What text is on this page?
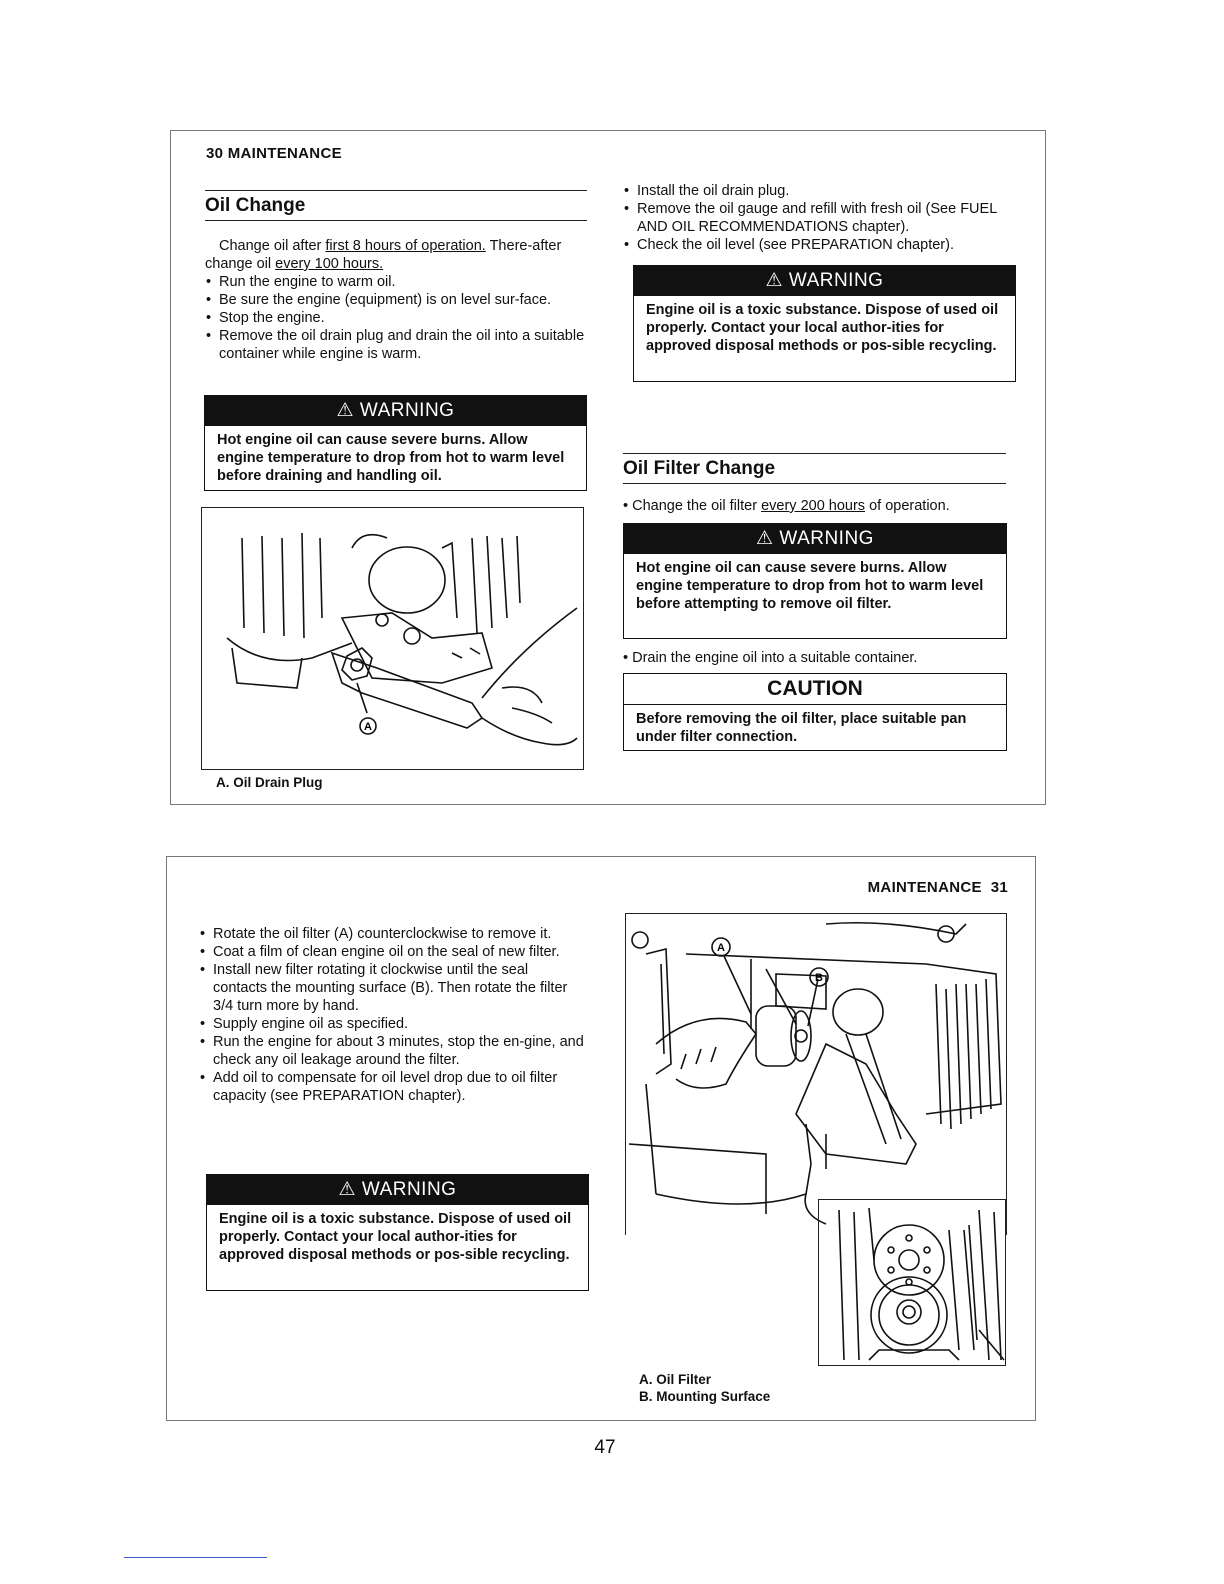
30 MAINTENANCE
Oil Change
Change oil after first 8 hours of operation. There-after change oil every 100 hours.
• Run the engine to warm oil.
• Be sure the engine (equipment) is on level sur-face.
• Stop the engine.
• Remove the oil drain plug and drain the oil into a suitable container while engine is warm.
⚠ WARNING
Hot engine oil can cause severe burns. Allow engine temperature to drop from hot to warm level before draining and handling oil.
A
A. Oil Drain Plug
• Install the oil drain plug.
• Remove the oil gauge and refill with fresh oil (See FUEL AND OIL RECOMMENDATIONS chapter).
• Check the oil level (see PREPARATION chapter).
⚠ WARNING
Engine oil is a toxic substance. Dispose of used oil properly. Contact your local author-ities for approved disposal methods or pos-sible recycling.
Oil Filter Change
• Change the oil filter every 200 hours of operation.
⚠ WARNING
Hot engine oil can cause severe burns. Allow engine temperature to drop from hot to warm level before attempting to remove oil filter.
• Drain the engine oil into a suitable container.
CAUTION
Before removing the oil filter, place suitable pan under filter connection.
MAINTENANCE  31
• Rotate the oil filter (A) counterclockwise to remove it.
• Coat a film of clean engine oil on the seal of new filter.
• Install new filter rotating it clockwise until the seal contacts the mounting surface (B). Then rotate the filter 3/4 turn more by hand.
• Supply engine oil as specified.
• Run the engine for about 3 minutes, stop the en-gine, and check any oil leakage around the filter.
• Add oil to compensate for oil level drop due to oil filter capacity (see PREPARATION chapter).
⚠ WARNING
Engine oil is a toxic substance. Dispose of used oil properly. Contact your local author-ities for approved disposal methods or pos-sible recycling.
A
B
A. Oil Filter
B. Mounting Surface
47
